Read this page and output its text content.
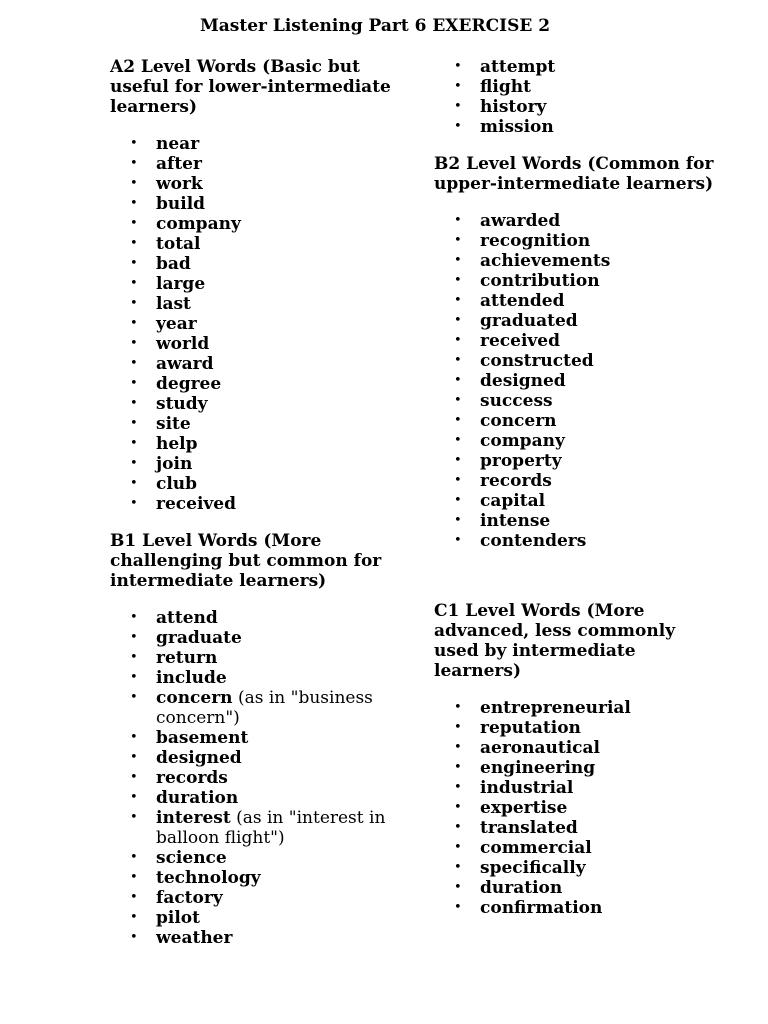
Master Listening Part 6 EXERCISE 2
A2 Level Words (Basic but useful for lower-intermediate learners)
• near
• after
• work
• build
• company
• total
• bad
• large
• last
• year
• world
• award
• degree
• study
• site
• help
• join
• club
• received
B1 Level Words (More challenging but common for intermediate learners)
• attend
• graduate
• return
• include
• concern (as in "business concern")
• basement
• designed
• records
• duration
• interest (as in "interest in balloon flight")
• science
• technology
• factory
• pilot
• weather
• attempt
• flight
• history
• mission
B2 Level Words (Common for upper-intermediate learners)
• awarded
• recognition
• achievements
• contribution
• attended
• graduated
• received
• constructed
• designed
• success
• concern
• company
• property
• records
• capital
• intense
• contenders
C1 Level Words (More advanced, less commonly used by intermediate learners)
• entrepreneurial
• reputation
• aeronautical
• engineering
• industrial
• expertise
• translated
• commercial
• specifically
• duration
• confirmation
